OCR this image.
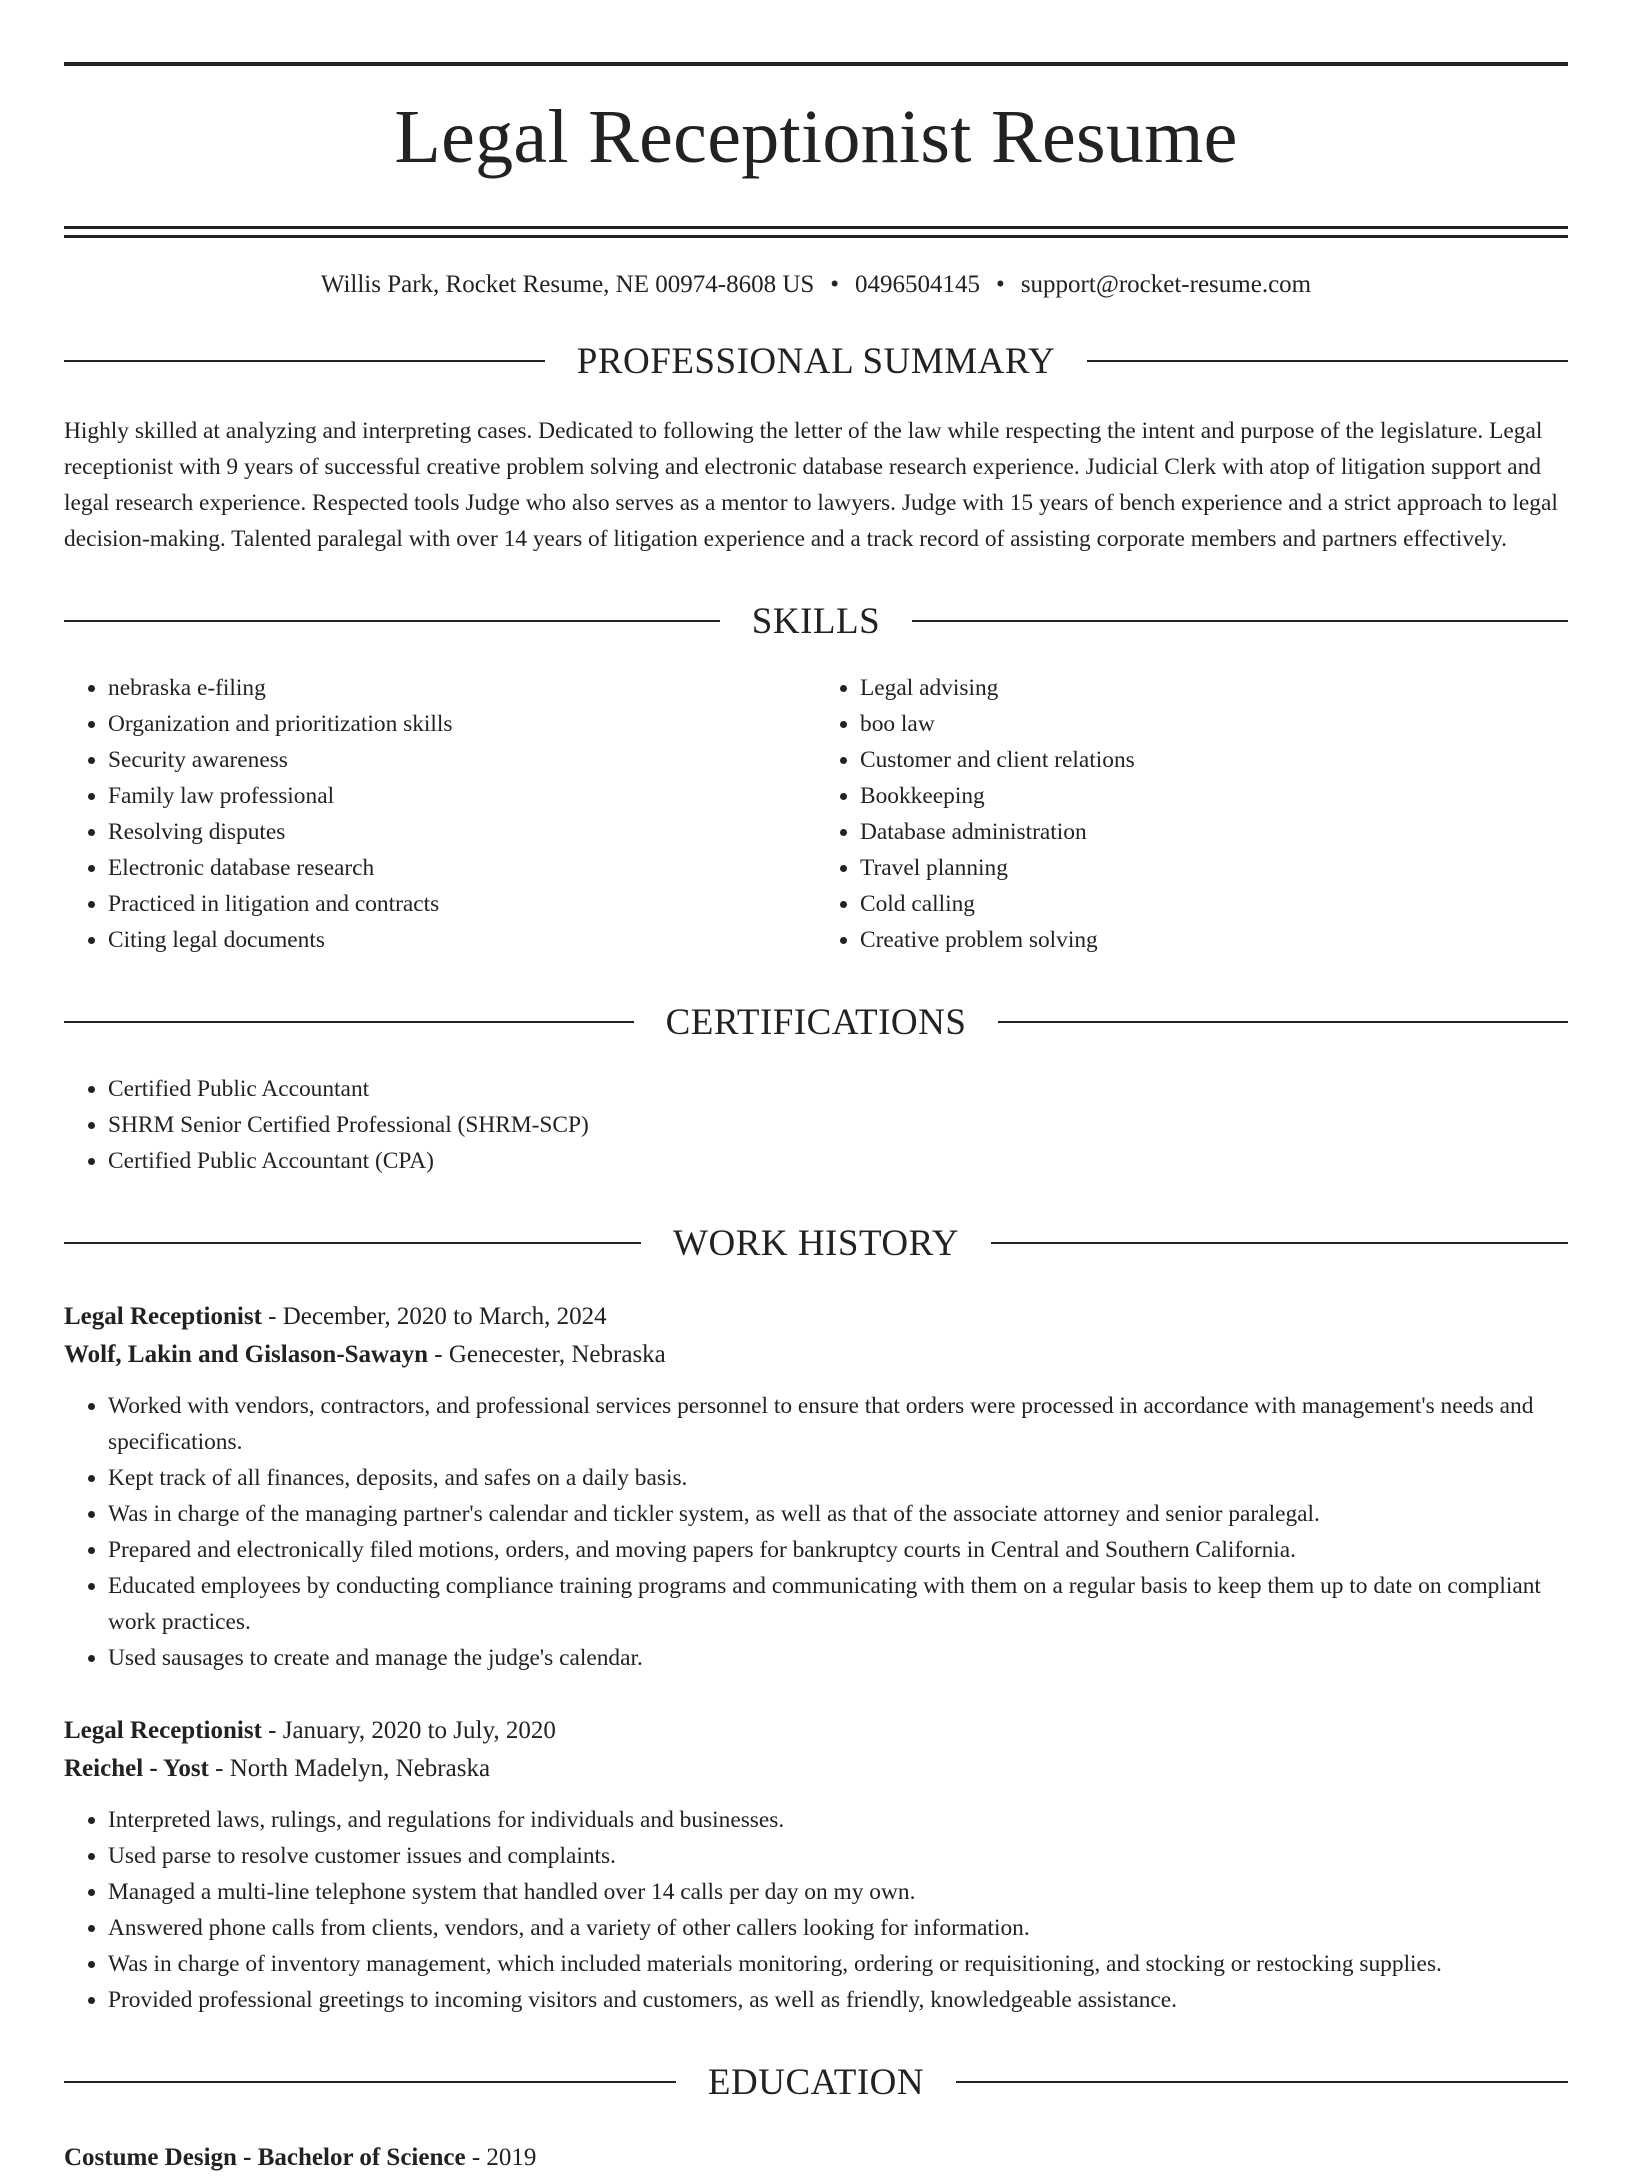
Legal Receptionist Resume
Willis Park, Rocket Resume, NE 00974-8608 US • 0496504145 • support@rocket-resume.com
PROFESSIONAL SUMMARY
Highly skilled at analyzing and interpreting cases. Dedicated to following the letter of the law while respecting the intent and purpose of the legislature. Legal receptionist with 9 years of successful creative problem solving and electronic database research experience. Judicial Clerk with atop of litigation support and legal research experience. Respected tools Judge who also serves as a mentor to lawyers. Judge with 15 years of bench experience and a strict approach to legal decision-making. Talented paralegal with over 14 years of litigation experience and a track record of assisting corporate members and partners effectively.
SKILLS
• nebraska e-filing
• Organization and prioritization skills
• Security awareness
• Family law professional
• Resolving disputes
• Electronic database research
• Practiced in litigation and contracts
• Citing legal documents
• Legal advising
• boo law
• Customer and client relations
• Bookkeeping
• Database administration
• Travel planning
• Cold calling
• Creative problem solving
CERTIFICATIONS
• Certified Public Accountant
• SHRM Senior Certified Professional (SHRM-SCP)
• Certified Public Accountant (CPA)
WORK HISTORY
Legal Receptionist - December, 2020 to March, 2024
Wolf, Lakin and Gislason-Sawayn - Genecester, Nebraska
• Worked with vendors, contractors, and professional services personnel to ensure that orders were processed in accordance with management's needs and specifications.
• Kept track of all finances, deposits, and safes on a daily basis.
• Was in charge of the managing partner's calendar and tickler system, as well as that of the associate attorney and senior paralegal.
• Prepared and electronically filed motions, orders, and moving papers for bankruptcy courts in Central and Southern California.
• Educated employees by conducting compliance training programs and communicating with them on a regular basis to keep them up to date on compliant work practices.
• Used sausages to create and manage the judge's calendar.
Legal Receptionist - January, 2020 to July, 2020
Reichel - Yost - North Madelyn, Nebraska
• Interpreted laws, rulings, and regulations for individuals and businesses.
• Used parse to resolve customer issues and complaints.
• Managed a multi-line telephone system that handled over 14 calls per day on my own.
• Answered phone calls from clients, vendors, and a variety of other callers looking for information.
• Was in charge of inventory management, which included materials monitoring, ordering or requisitioning, and stocking or restocking supplies.
• Provided professional greetings to incoming visitors and customers, as well as friendly, knowledgeable assistance.
EDUCATION
Costume Design - Bachelor of Science - 2019
